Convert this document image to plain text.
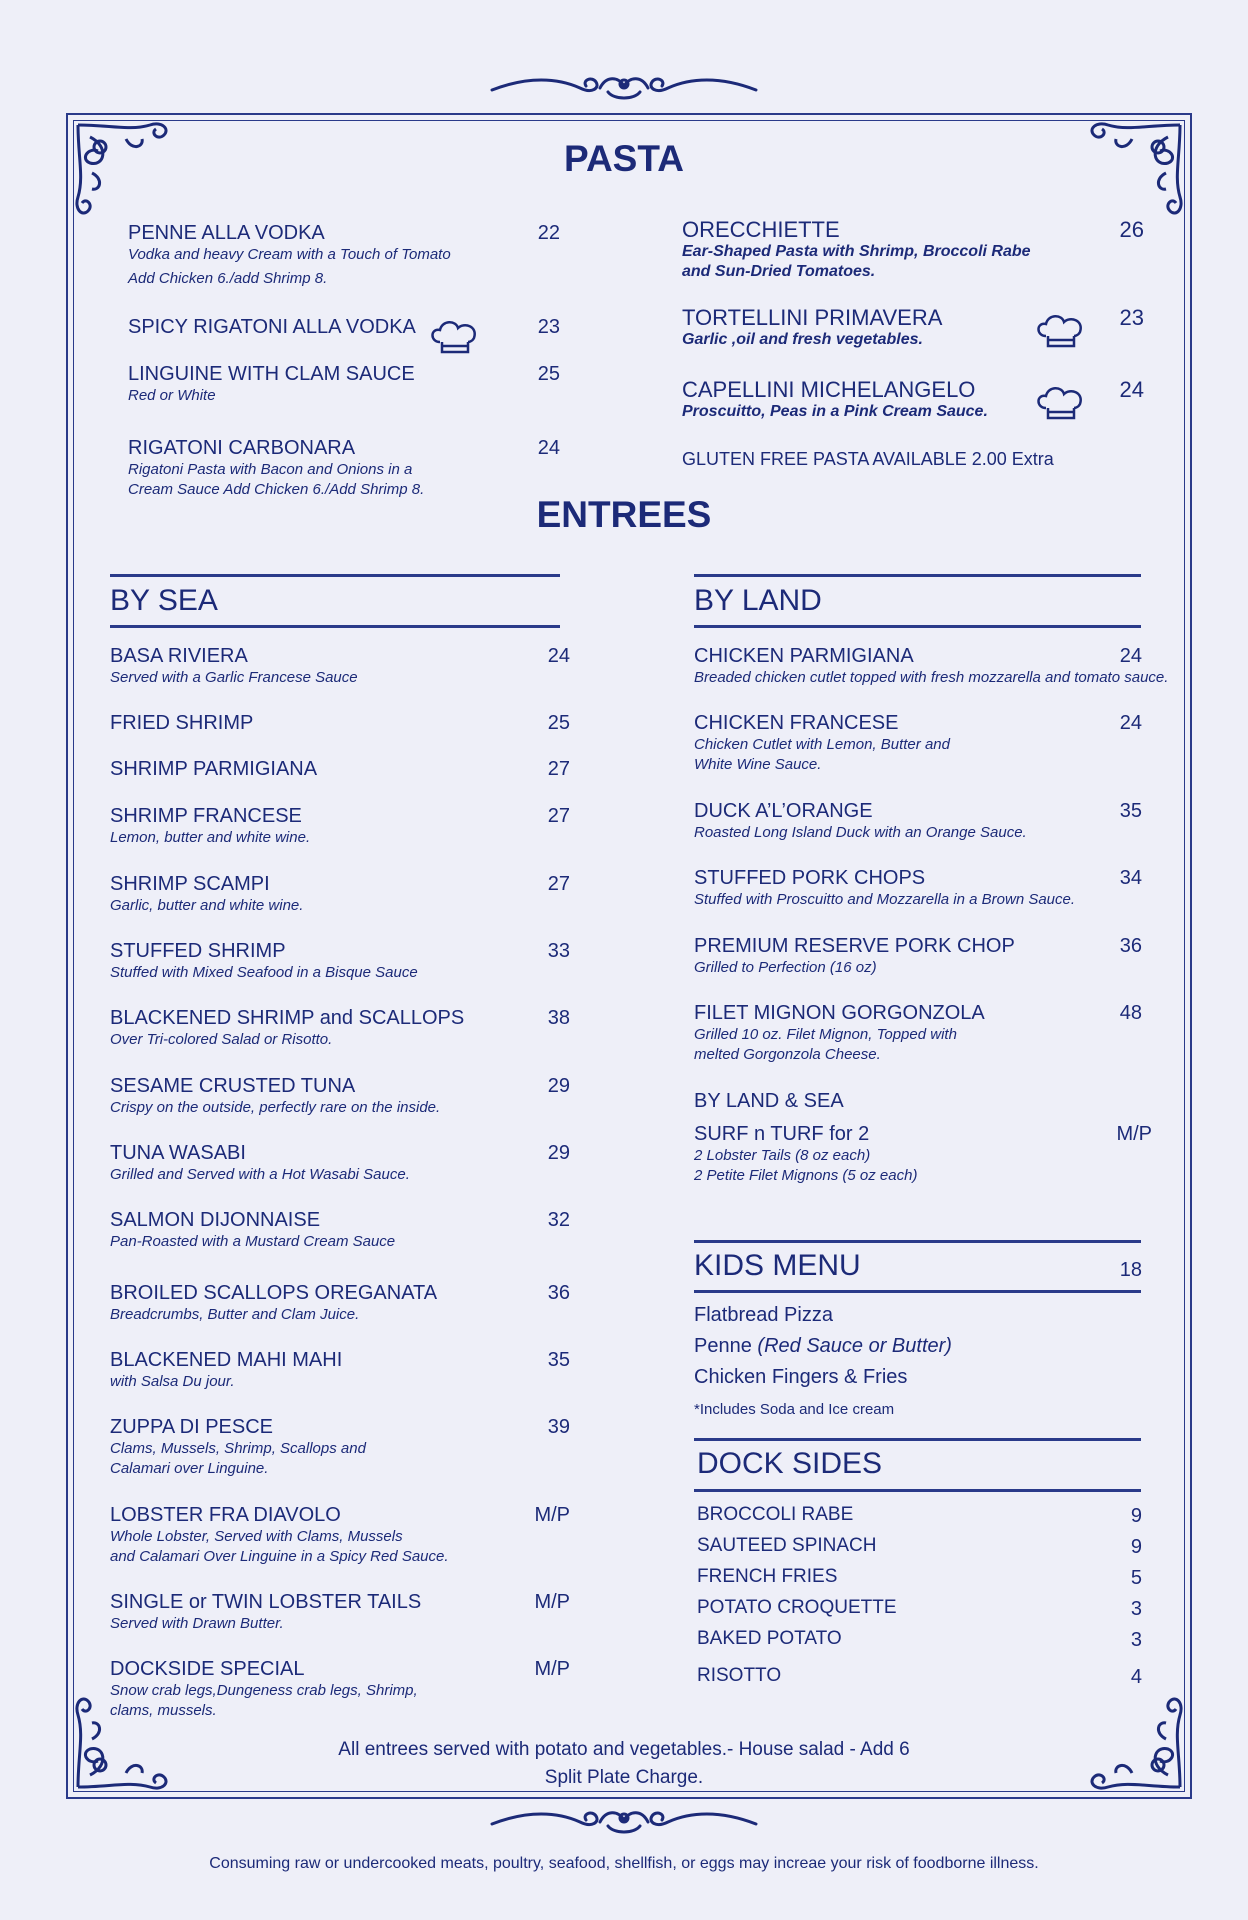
PASTA
PENNE ALLA VODKA
Vodka and heavy Cream with a Touch of Tomato
Add Chicken 6./add Shrimp 8.
22
SPICY RIGATONI ALLA VODKA	23
LINGUINE WITH CLAM SAUCE
Red or White
25
RIGATONI CARBONARA
Rigatoni Pasta with Bacon and Onions in a
Cream Sauce Add Chicken 6./Add Shrimp 8.
24
ORECCHIETTE
Ear-Shaped Pasta with Shrimp, Broccoli Rabe
and Sun-Dried Tomatoes.
26
TORTELLINI PRIMAVERA
Garlic ,oil and fresh vegetables.
23
CAPELLINI MICHELANGELO
Proscuitto, Peas in a Pink Cream Sauce.
24
GLUTEN FREE PASTA AVAILABLE 2.00 Extra
ENTREES
BY SEA
BASA RIVIERA
Served with a Garlic Francese Sauce
24
FRIED SHRIMP	25
SHRIMP PARMIGIANA	27
SHRIMP FRANCESE
Lemon, butter and white wine.
27
SHRIMP SCAMPI
Garlic, butter and white wine.
27
STUFFED SHRIMP
Stuffed with Mixed Seafood in a Bisque Sauce
33
BLACKENED SHRIMP and SCALLOPS
Over Tri-colored Salad or Risotto.
38
SESAME CRUSTED TUNA
Crispy on the outside, perfectly rare on the inside.
29
TUNA WASABI
Grilled and Served with a Hot Wasabi Sauce.
29
SALMON DIJONNAISE
Pan-Roasted with a Mustard Cream Sauce
32
BROILED SCALLOPS OREGANATA
Breadcrumbs, Butter and Clam Juice.
36
BLACKENED MAHI MAHI
with Salsa Du jour.
35
ZUPPA DI PESCE
Clams, Mussels, Shrimp, Scallops and
Calamari over Linguine.
39
LOBSTER FRA DIAVOLO
Whole Lobster, Served with Clams, Mussels
and Calamari Over Linguine in a Spicy Red Sauce.
M/P
SINGLE or TWIN LOBSTER TAILS
Served with Drawn Butter.
M/P
DOCKSIDE SPECIAL
Snow crab legs,Dungeness crab legs, Shrimp,
clams, mussels.
M/P
BY LAND
CHICKEN PARMIGIANA
Breaded chicken cutlet topped with fresh mozzarella and tomato sauce.
24
CHICKEN FRANCESE
Chicken Cutlet with Lemon, Butter and
White Wine Sauce.
24
DUCK A’L’ORANGE
Roasted Long Island Duck with an Orange Sauce.
35
STUFFED PORK CHOPS
Stuffed with Proscuitto and Mozzarella in a Brown Sauce.
34
PREMIUM RESERVE PORK CHOP
Grilled to Perfection (16 oz)
36
FILET MIGNON GORGONZOLA
Grilled 10 oz. Filet Mignon, Topped with
melted Gorgonzola Cheese.
48
BY LAND & SEA
SURF n TURF for 2
2 Lobster Tails (8 oz each)
2 Petite Filet Mignons (5 oz each)
M/P
KIDS MENU	18
Flatbread Pizza
Penne (Red Sauce or Butter)
Chicken Fingers & Fries
*Includes Soda and Ice cream
DOCK SIDES
BROCCOLI RABE	9
SAUTEED SPINACH	9
FRENCH FRIES	5
POTATO CROQUETTE	3
BAKED POTATO	3
RISOTTO	4
All entrees served with potato and vegetables.- House salad - Add 6
Split Plate Charge.
Consuming raw or undercooked meats, poultry, seafood, shellfish, or eggs may increae your risk of foodborne illness.
